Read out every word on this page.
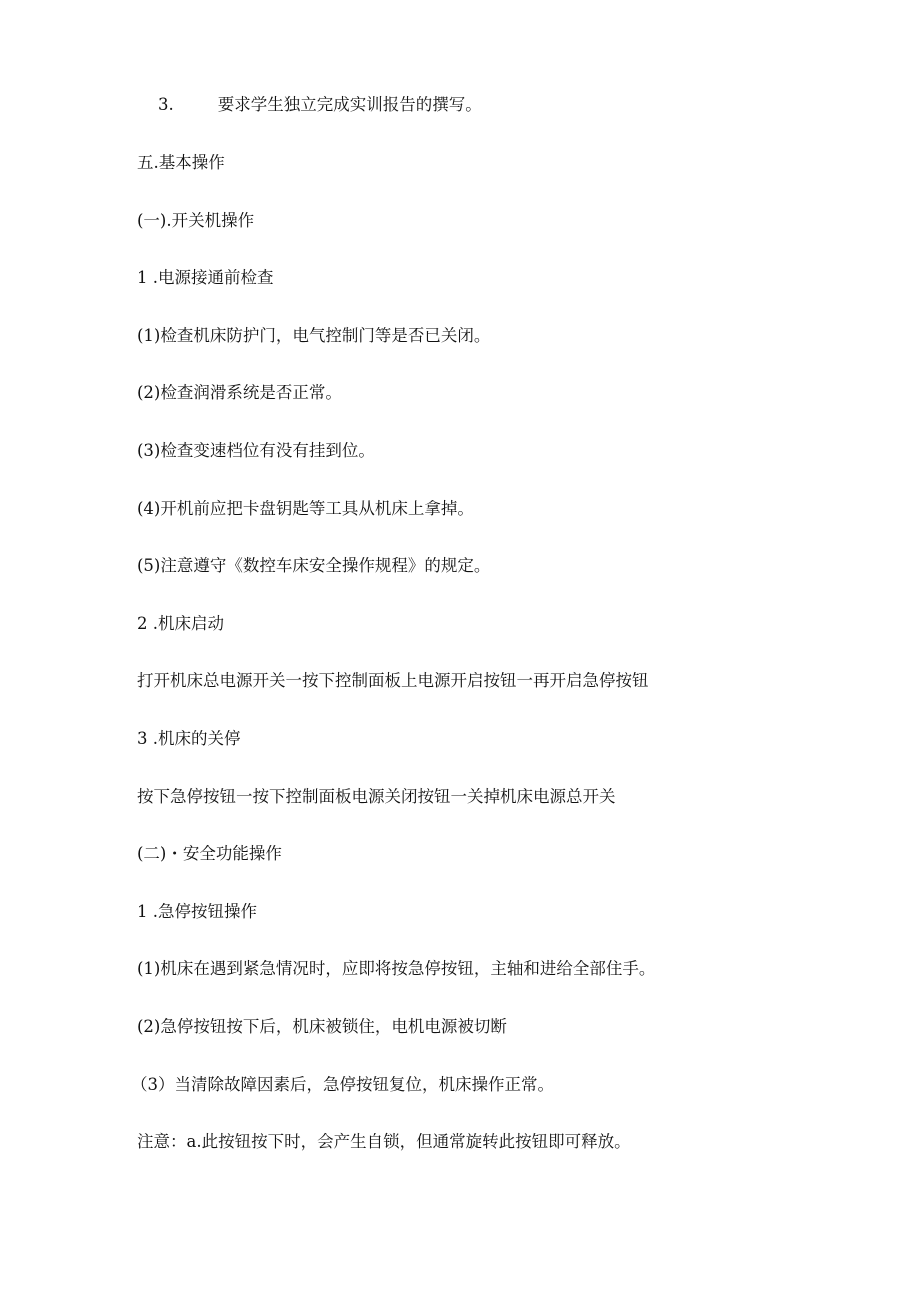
3.	要求学生独立完成实训报告的撰写。
五.基本操作
(一).开关机操作
1 .电源接通前检查
(1)检查机床防护门，电气控制门等是否已关闭。
(2)检查润滑系统是否正常。
(3)检查变速档位有没有挂到位。
(4)开机前应把卡盘钥匙等工具从机床上拿掉。
(5)注意遵守《数控车床安全操作规程》的规定。
2 .机床启动
打开机床总电源开关一按下控制面板上电源开启按钮一再开启急停按钮
3 .机床的关停
按下急停按钮一按下控制面板电源关闭按钮一关掉机床电源总开关
(二)・安全功能操作
1 .急停按钮操作
(1)机床在遇到紧急情况时，应即将按急停按钮，主轴和进给全部住手。
(2)急停按钮按下后，机床被锁住，电机电源被切断
（3）当清除故障因素后，急停按钮复位，机床操作正常。
注意：a.此按钮按下时，会产生自锁，但通常旋转此按钮即可释放。
